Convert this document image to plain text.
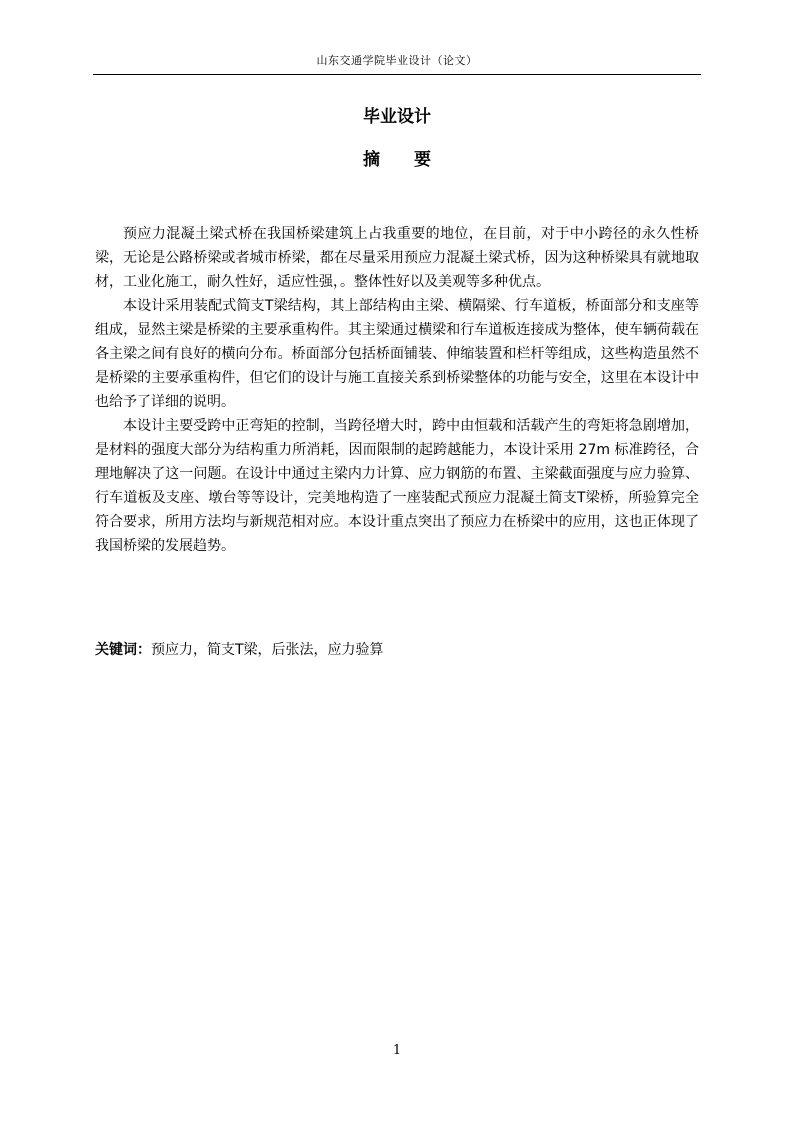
山东交通学院毕业设计（论文）
毕业设计
摘 要

预应力混凝土梁式桥在我国桥梁建筑上占我重要的地位，在目前，对于中小跨径的永久性桥梁，无论是公路桥梁或者城市桥梁，都在尽量采用预应力混凝土梁式桥，因为这种桥梁具有就地取材，工业化施工，耐久性好，适应性强，。整体性好以及美观等多种优点。

本设计采用装配式简支T梁结构，其上部结构由主梁、横隔梁、行车道板，桥面部分和支座等组成，显然主梁是桥梁的主要承重构件。其主梁通过横梁和行车道板连接成为整体，使车辆荷载在各主梁之间有良好的横向分布。桥面部分包括桥面铺装、伸缩装置和栏杆等组成，这些构造虽然不是桥梁的主要承重构件，但它们的设计与施工直接关系到桥梁整体的功能与安全，这里在本设计中也给予了详细的说明。

本设计主要受跨中正弯矩的控制，当跨径增大时，跨中由恒载和活载产生的弯矩将急剧增加，是材料的强度大部分为结构重力所消耗，因而限制的起跨越能力，本设计采用 27m 标准跨径，合理地解决了这一问题。在设计中通过主梁内力计算、应力钢筋的布置、主梁截面强度与应力验算、行车道板及支座、墩台等等设计，完美地构造了一座装配式预应力混凝土简支T梁桥，所验算完全符合要求，所用方法均与新规范相对应。本设计重点突出了预应力在桥梁中的应用，这也正体现了我国桥梁的发展趋势。

关键词：预应力，简支T梁，后张法，应力验算
1
